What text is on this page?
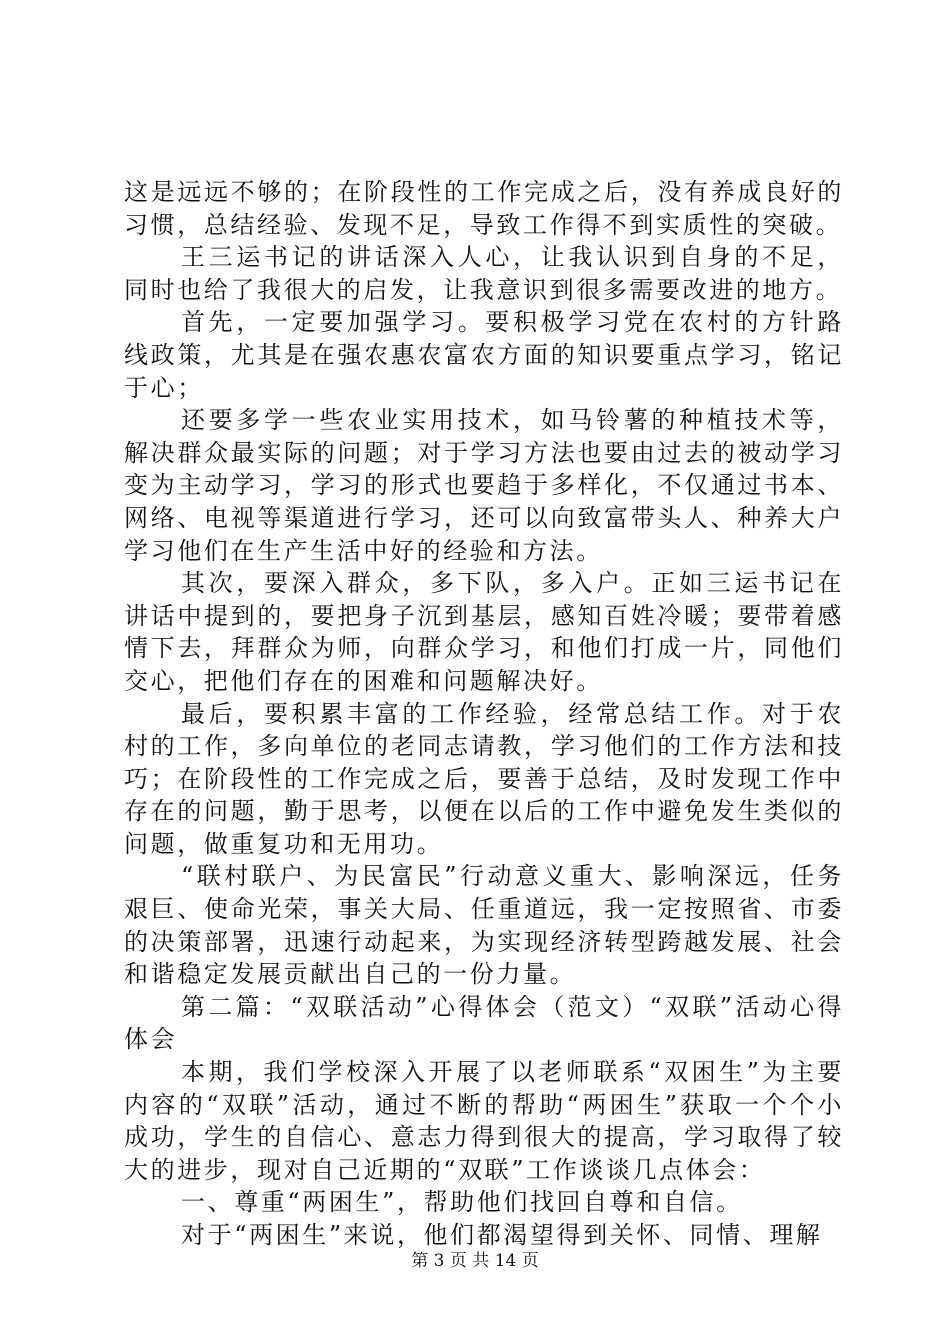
这是远远不够的；在阶段性的工作完成之后，没有养成良好的习惯，总结经验、发现不足，导致工作得不到实质性的突破。

王三运书记的讲话深入人心，让我认识到自身的不足，同时也给了我很大的启发，让我意识到很多需要改进的地方。

首先，一定要加强学习。要积极学习党在农村的方针路线政策，尤其是在强农惠农富农方面的知识要重点学习，铭记于心；

还要多学一些农业实用技术，如马铃薯的种植技术等，解决群众最实际的问题；对于学习方法也要由过去的被动学习变为主动学习，学习的形式也要趋于多样化，不仅通过书本、网络、电视等渠道进行学习，还可以向致富带头人、种养大户学习他们在生产生活中好的经验和方法。

其次，要深入群众，多下队，多入户。正如三运书记在讲话中提到的，要把身子沉到基层，感知百姓冷暖；要带着感情下去，拜群众为师，向群众学习，和他们打成一片，同他们交心，把他们存在的困难和问题解决好。

最后，要积累丰富的工作经验，经常总结工作。对于农村的工作，多向单位的老同志请教，学习他们的工作方法和技巧；在阶段性的工作完成之后，要善于总结，及时发现工作中存在的问题，勤于思考，以便在以后的工作中避免发生类似的问题，做重复功和无用功。

“联村联户、为民富民”行动意义重大、影响深远，任务艰巨、使命光荣，事关大局、任重道远，我一定按照省、市委的决策部署，迅速行动起来，为实现经济转型跨越发展、社会和谐稳定发展贡献出自己的一份力量。

第二篇：“双联活动”心得体会（范文）“双联”活动心得体会

本期，我们学校深入开展了以老师联系“双困生”为主要内容的“双联”活动，通过不断的帮助“两困生”获取一个个小成功，学生的自信心、意志力得到很大的提高，学习取得了较大的进步，现对自己近期的“双联”工作谈谈几点体会：

一、尊重“两困生”，帮助他们找回自尊和自信。

对于“两困生”来说，他们都渴望得到关怀、同情、理解

第 3 页 共 14 页
